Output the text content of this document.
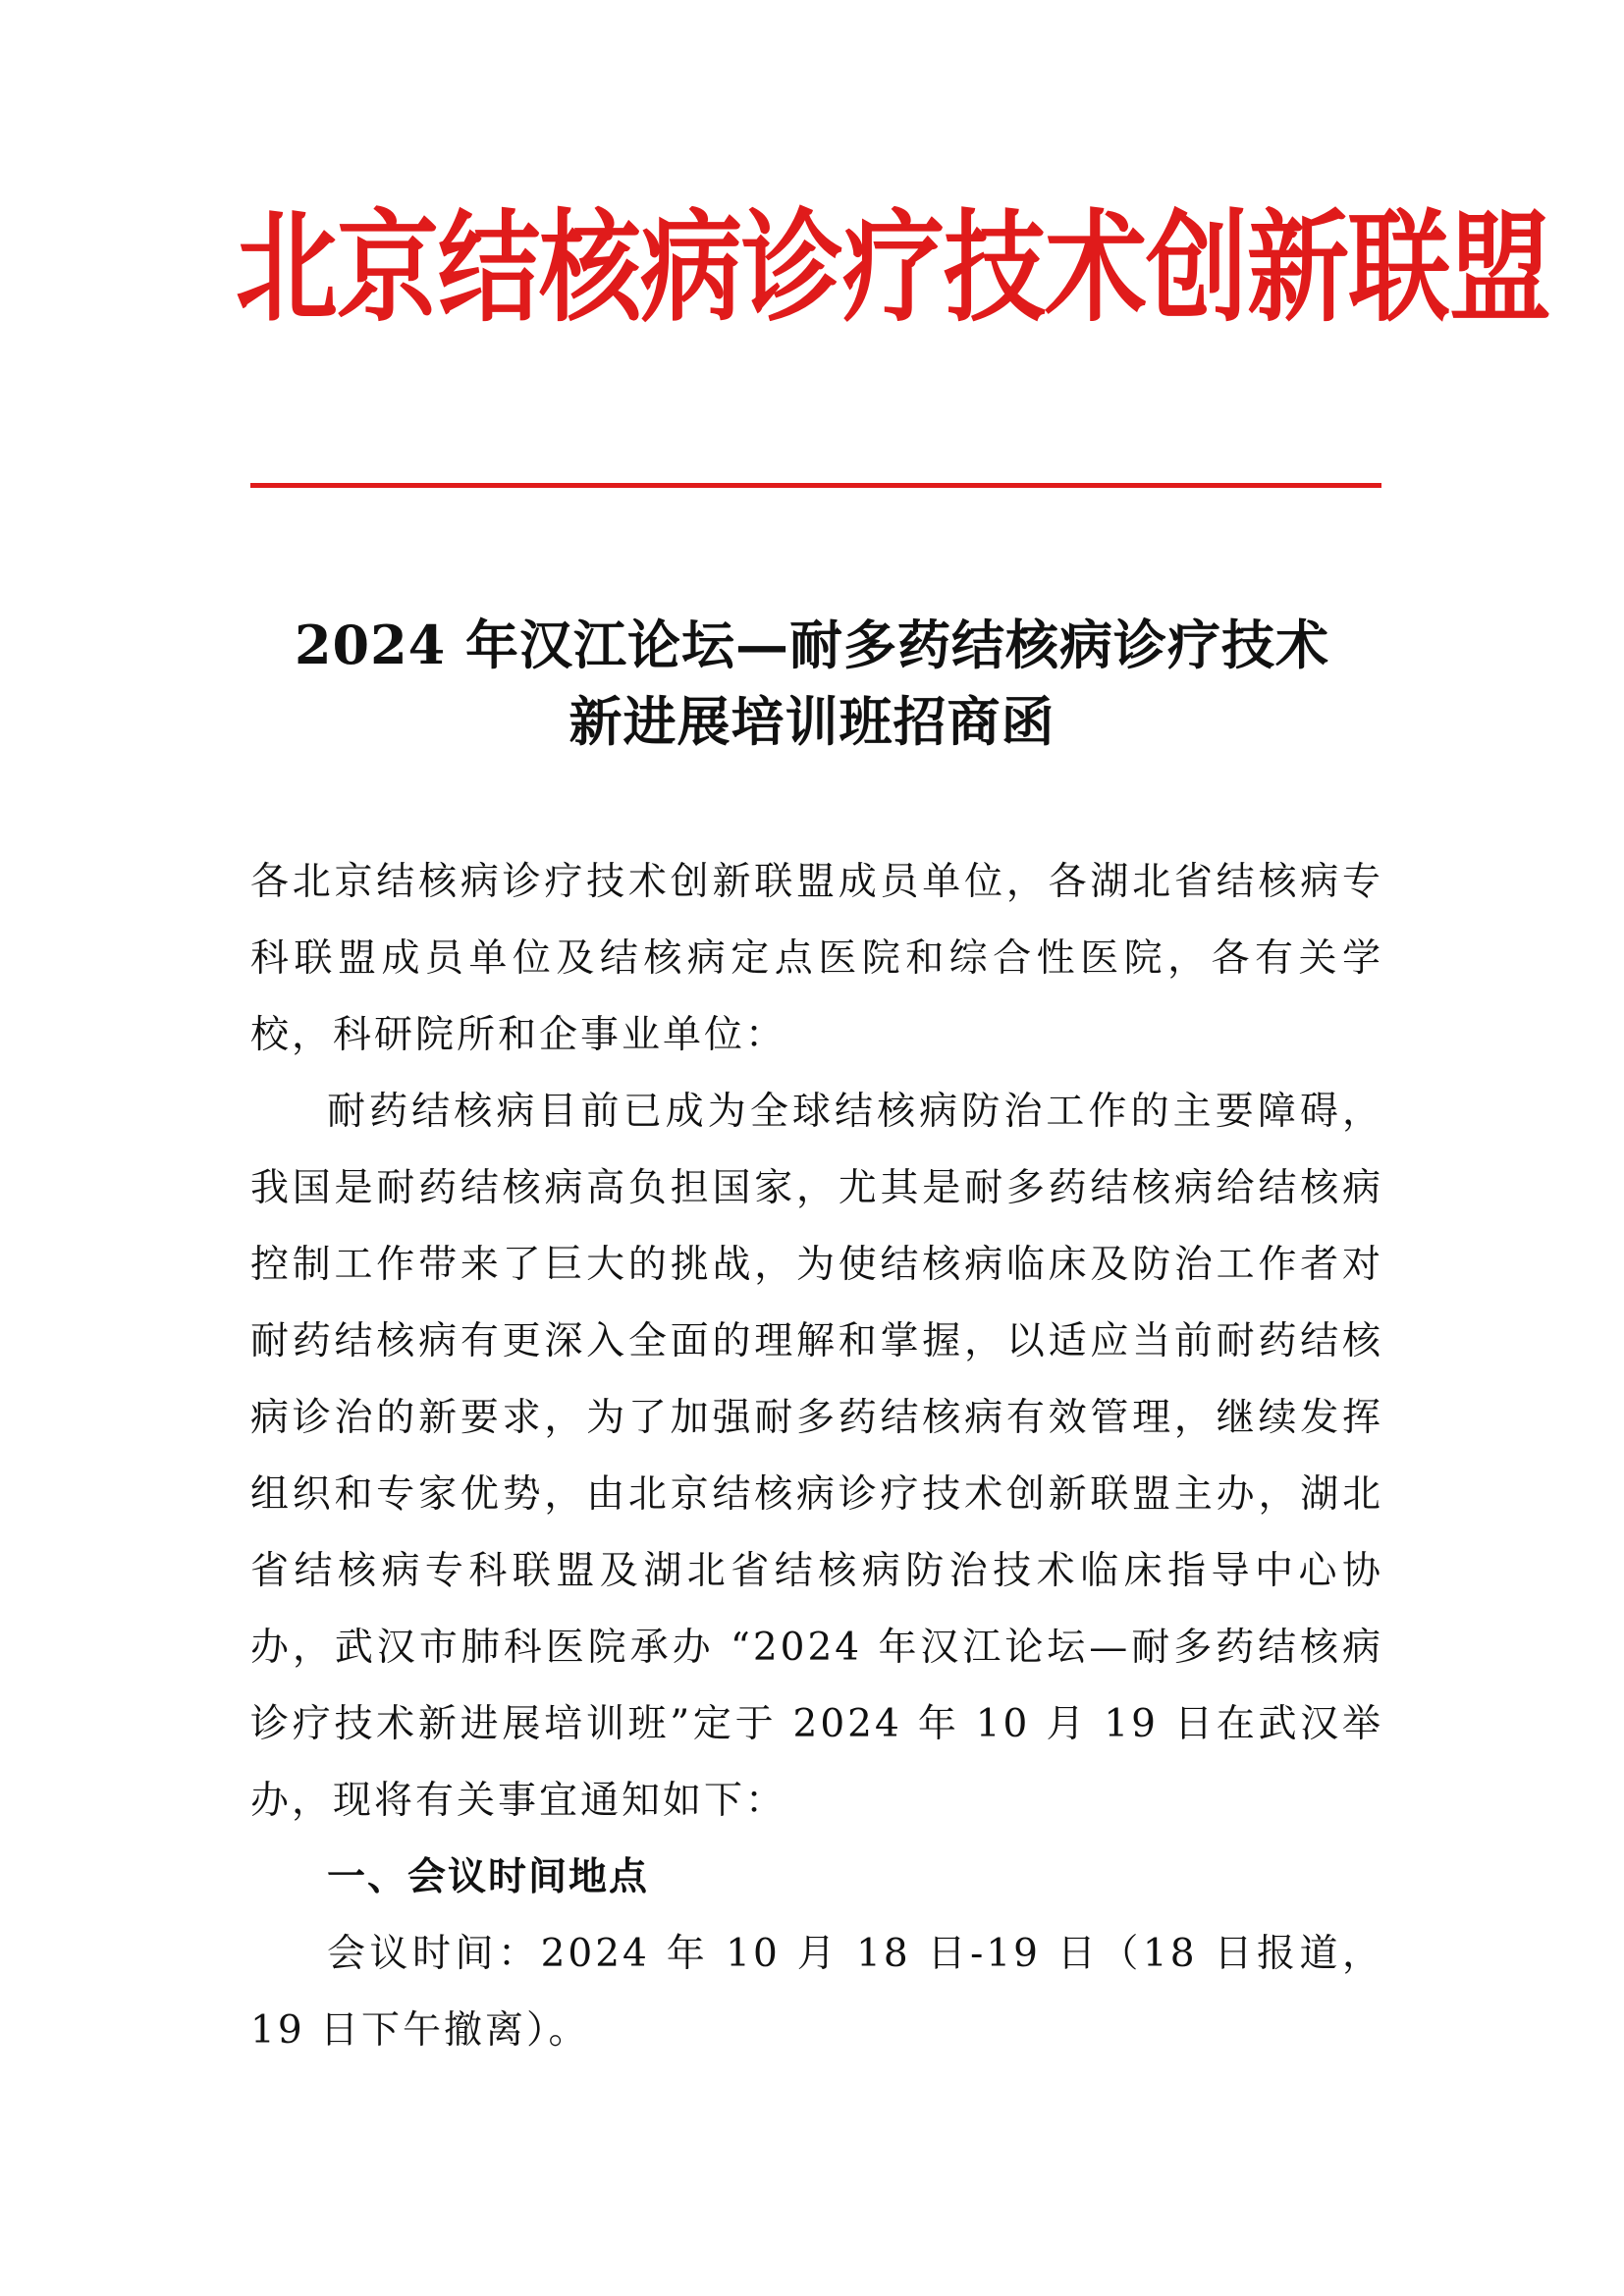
北京结核病诊疗技术创新联盟
2024 年汉江论坛—耐多药结核病诊疗技术
新进展培训班招商函

各北京结核病诊疗技术创新联盟成员单位，各湖北省结核病专科联盟成员单位及结核病定点医院和综合性医院，各有关学校，科研院所和企事业单位：

耐药结核病目前已成为全球结核病防治工作的主要障碍， 我国是耐药结核病高负担国家，尤其是耐多药结核病给结核病控制工作带来了巨大的挑战，为使结核病临床及防治工作者对耐药结核病有更深入全面的理解和掌握，以适应当前耐药结核病诊治的新要求，为了加强耐多药结核病有效管理，继续发挥组织和专家优势，由北京结核病诊疗技术创新联盟主办，湖北省结核病专科联盟及湖北省结核病防治技术临床指导中心协办，武汉市肺科医院承办 “2024 年汉江论坛—耐多药结核病诊疗技术新进展培训班”定于 2024 年 10 月 19 日在武汉举办，现将有关事宜通知如下：

一、会议时间地点

会议时间：2024 年 10 月 18 日-19 日（18 日报道，19 日下午撤离）。
